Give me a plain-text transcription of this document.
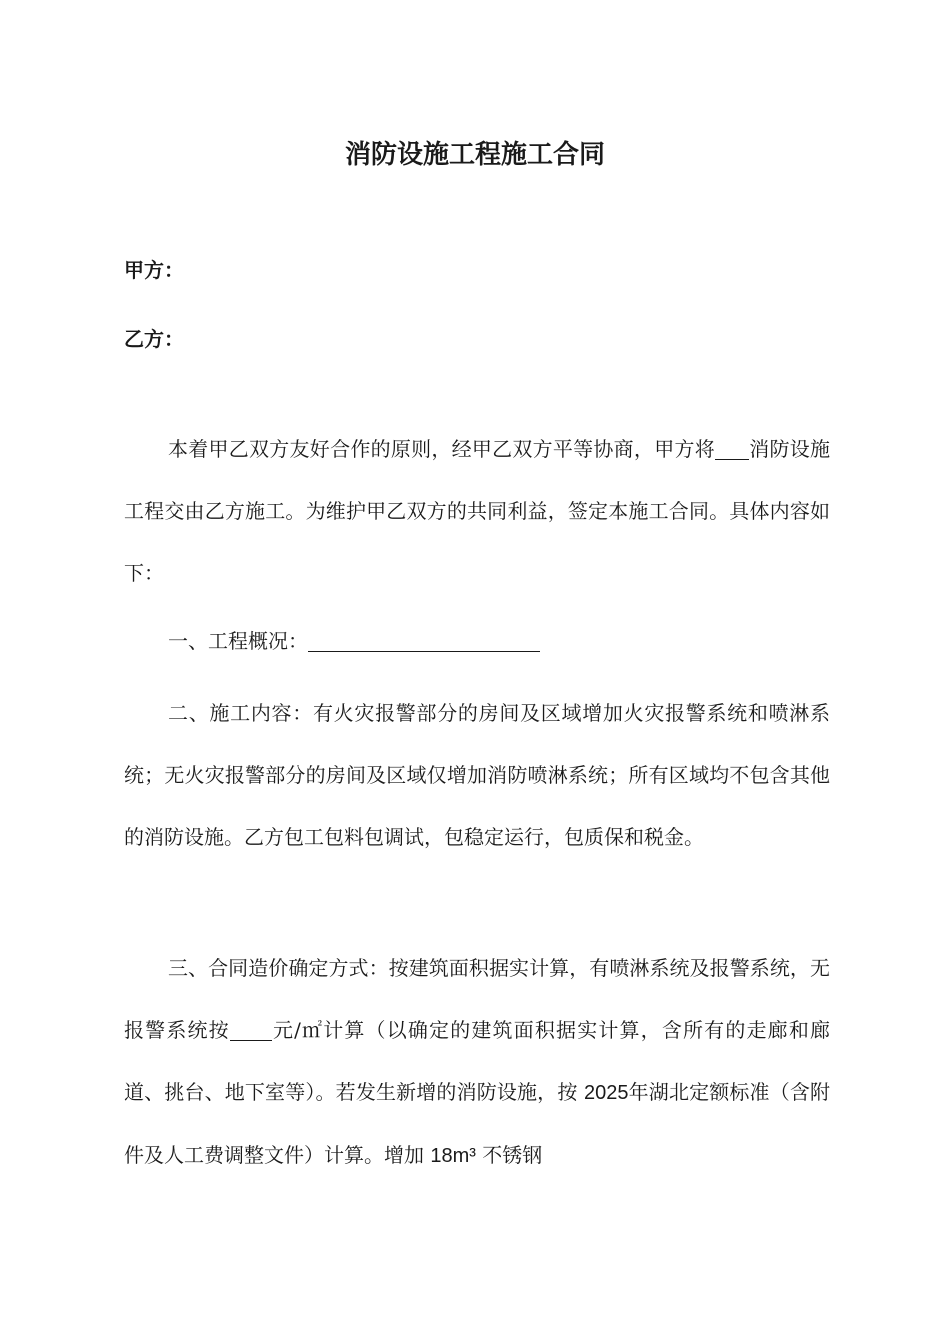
消防设施工程施工合同
甲方：
乙方：

本着甲乙双方友好合作的原则，经甲乙双方平等协商，甲方将 消防设施工程交由乙方施工。为维护甲乙双方的共同利益，签定本施工合同。具体内容如下：

一、工程概况：

二、施工内容：有火灾报警部分的房间及区域增加火灾报警系统和喷淋系统；无火灾报警部分的房间及区域仅增加消防喷淋系统；所有区域均不包含其他的消防设施。乙方包工包料包调试，包稳定运行，包质保和税金。

三、合同造价确定方式：按建筑面积据实计算，有喷淋系统及报警系统，无报警系统按 元/㎡计算（以确定的建筑面积据实计算，含所有的走廊和廊道、挑台、地下室等）。若发生新增的消防设施，按 2025年湖北定额标准（含附件及人工费调整文件）计算。增加 18m³ 不锈钢
